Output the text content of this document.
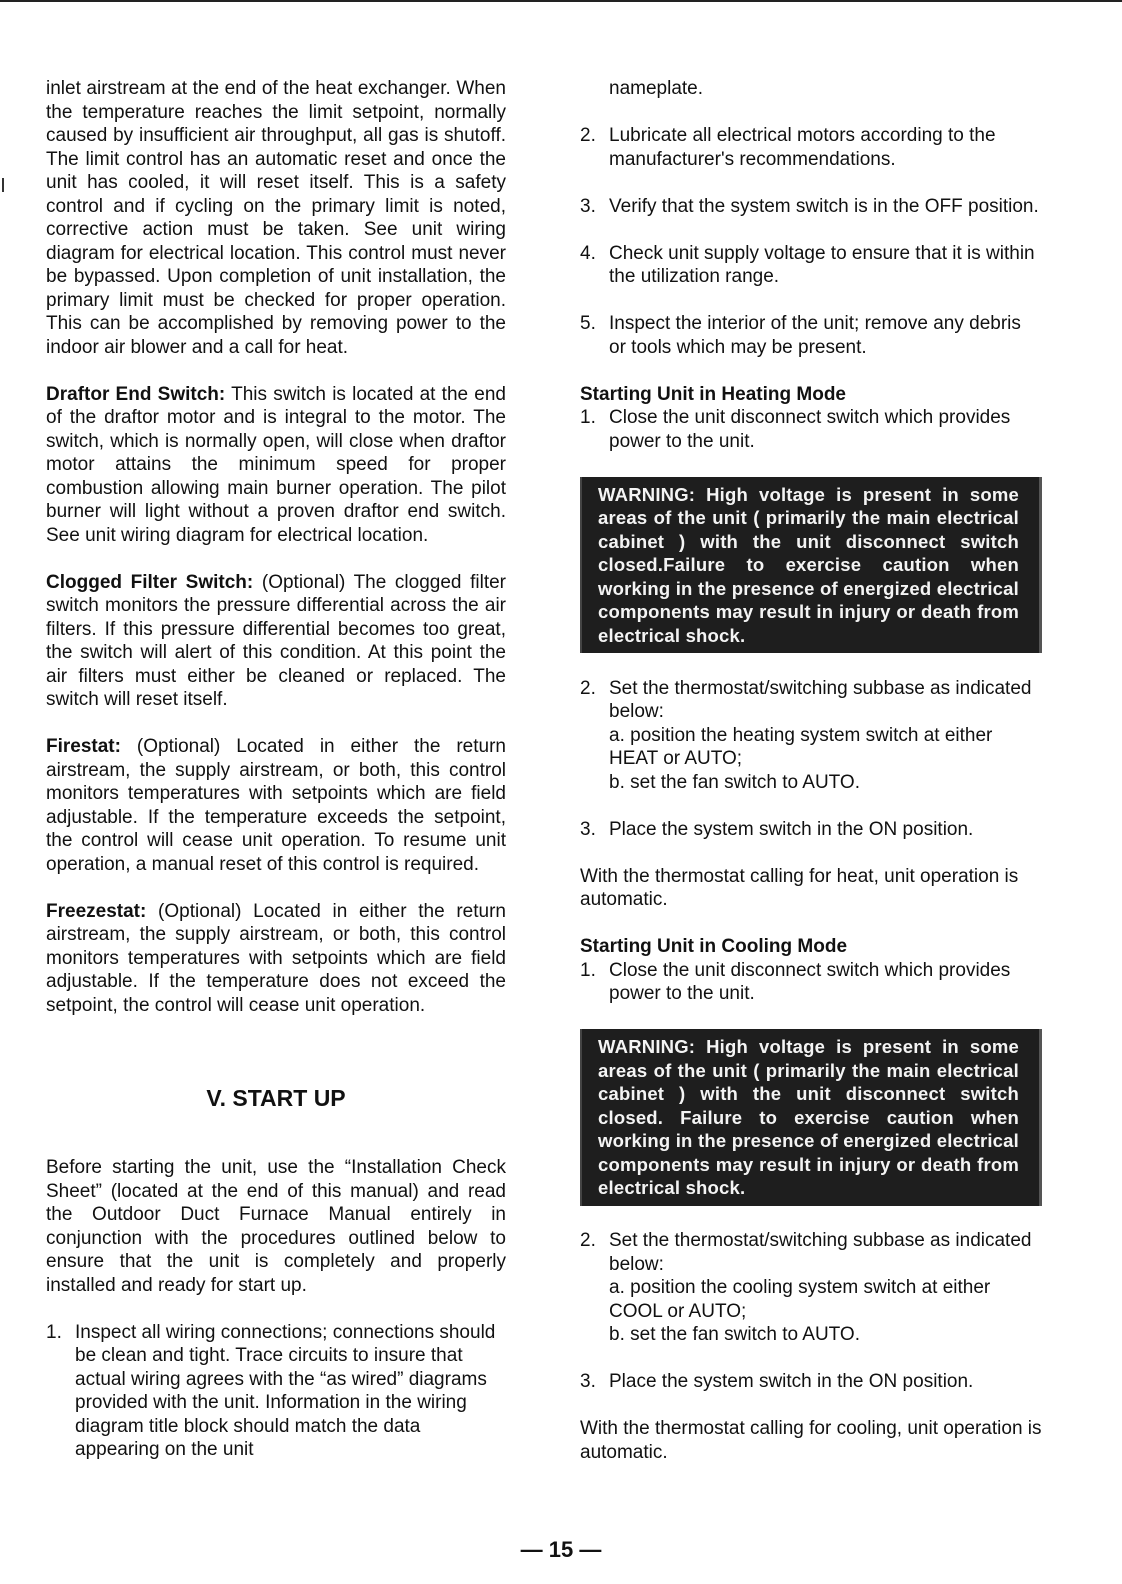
inlet airstream at the end of the heat exchanger. When the temperature reaches the limit setpoint, normally caused by insufficient air throughput, all gas is shutoff. The limit control has an automatic reset and once the unit has cooled, it will reset itself. This is a safety control and if cycling on the primary limit is noted, corrective action must be taken. See unit wiring diagram for electrical location. This control must never be bypassed. Upon completion of unit installation, the primary limit must be checked for proper operation. This can be accomplished by removing power to the indoor air blower and a call for heat.

Draftor End Switch: This switch is located at the end of the draftor motor and is integral to the motor. The switch, which is normally open, will close when draftor motor attains the minimum speed for proper combustion allowing main burner operation. The pilot burner will light without a proven draftor end switch. See unit wiring diagram for electrical location.

Clogged Filter Switch: (Optional) The clogged filter switch monitors the pressure differential across the air filters. If this pressure differential becomes too great, the switch will alert of this condition. At this point the air filters must either be cleaned or replaced. The switch will reset itself.

Firestat: (Optional) Located in either the return airstream, the supply airstream, or both, this control monitors temperatures with setpoints which are field adjustable. If the temperature exceeds the setpoint, the control will cease unit operation. To resume unit operation, a manual reset of this control is required.

Freezestat: (Optional) Located in either the return airstream, the supply airstream, or both, this control monitors temperatures with setpoints which are field adjustable. If the temperature does not exceed the setpoint, the control will cease unit operation.

V. START UP

Before starting the unit, use the “Installation Check Sheet” (located at the end of this manual) and read the Outdoor Duct Furnace Manual entirely in conjunction with the procedures outlined below to ensure that the unit is completely and properly installed and ready for start up.

1. Inspect all wiring connections; connections should be clean and tight. Trace circuits to insure that actual wiring agrees with the “as wired” diagrams provided with the unit. Information in the wiring diagram title block should match the data appearing on the unit
nameplate.
2. Lubricate all electrical motors according to the manufacturer's recommendations.
3. Verify that the system switch is in the OFF position.
4. Check unit supply voltage to ensure that it is within the utilization range.
5. Inspect the interior of the unit; remove any debris or tools which may be present.
Starting Unit in Heating Mode
1. Close the unit disconnect switch which provides power to the unit.
WARNING: High voltage is present in some areas of the unit ( primarily the main electrical cabinet ) with the unit disconnect switch closed.Failure to exercise caution when working in the presence of energized electrical components may result in injury or death from electrical shock.
2. Set the thermostat/switching subbase as indicated below:
a. position the heating system switch at either HEAT or AUTO;
b. set the fan switch to AUTO.
3. Place the system switch in the ON position.

With the thermostat calling for heat, unit operation is automatic.

Starting Unit in Cooling Mode
1. Close the unit disconnect switch which provides power to the unit.
WARNING: High voltage is present in some areas of the unit ( primarily the main electrical cabinet ) with the unit disconnect switch closed. Failure to exercise caution when working in the presence of energized electrical components may result in injury or death from electrical shock.
2. Set the thermostat/switching subbase as indicated below:
a. position the cooling system switch at either COOL or AUTO;
b. set the fan switch to AUTO.
3. Place the system switch in the ON position.

With the thermostat calling for cooling, unit operation is automatic.

— 15 —
